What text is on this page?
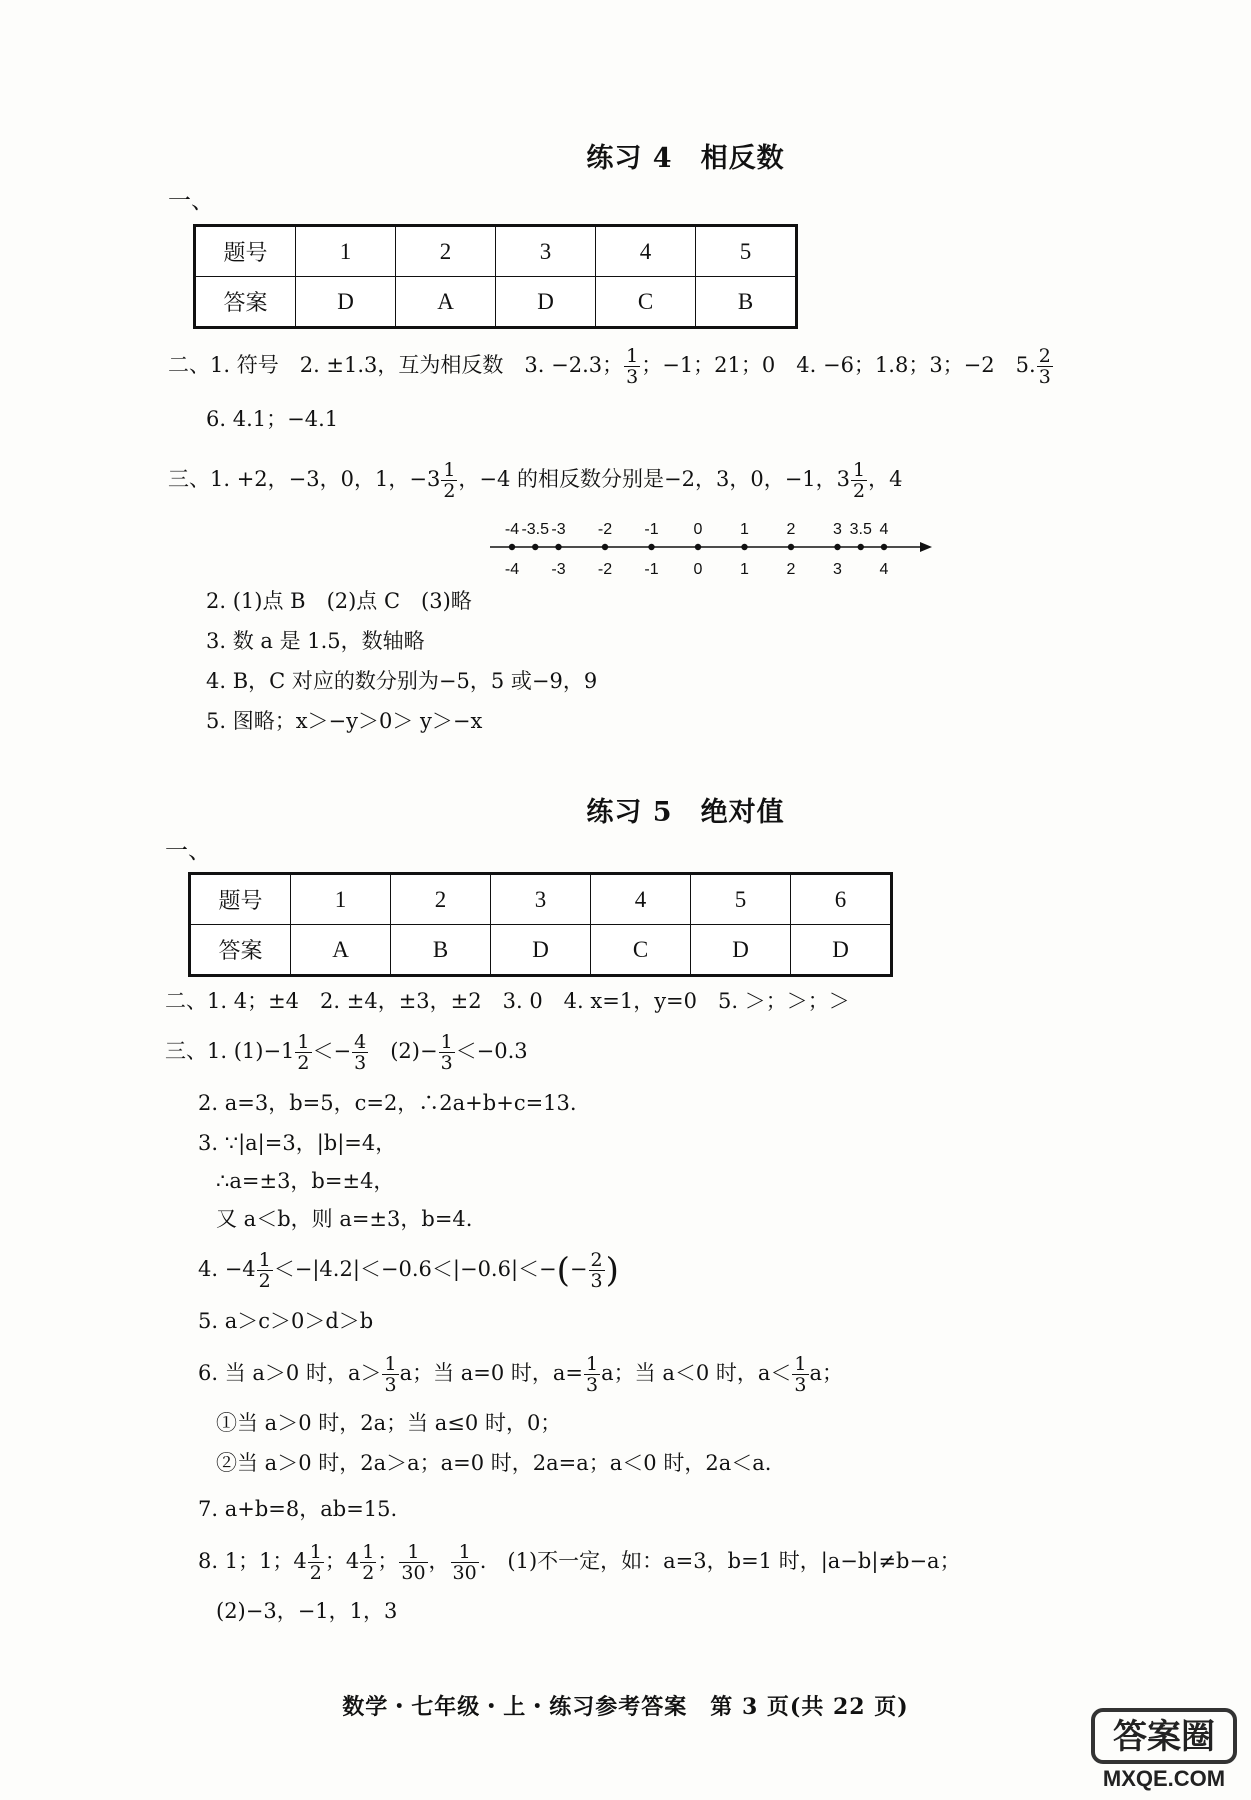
练习 4　相反数
一、
题号	1	2	3	4	5
答案	D	A	D	C	B
二、1. 符号　2. ±1.3，互为相反数　3. −2.3； $\frac{1}{3}$ ；−1；21；0　4. −6；1.8；3；−2　5. $\frac{2}{3}$
6. 4.1；−4.1
三、1. +2，−3，0，1，$-3 \frac{1}{2}$ ，−4 的相反数分别是−2，3，0，−1，$3 \frac{1}{2}$ ，4
-4 -3.5 -3 -2 -1 0 1 2 3 3.5 4
-4 -3 -2 -1 0 1 2 3 4
2. (1)点 B　(2)点 C　(3)略
3. 数 a 是 1.5，数轴略
4. B，C 对应的数分别为−5，5 或−9，9
5. 图略；x＞−y＞0＞ y＞−x
练习 5　绝对值
一、
题号	1	2	3	4	5	6
答案	A	B	D	C	D	D
二、1. 4；±4　2. ±4，±3，±2　3. 0　4. x=1，y=0　5. ＞；＞；＞
三、1. $(1)-1 \frac{1}{2} <- \frac{4}{3}$ 　$(2)- \frac{1}{3} <-0.3$
2. a=3，b=5，c=2，∴2a+b+c=13.
3. ∵|a|=3，|b|=4，
∴a=±3，b=±4，
又 a＜b，则 a=±3，b=4.
4. $-4 \frac{1}{2} <-|4.2|<-0.6<|-0.6|<-(- \frac{2}{3}$ )
5. a＞c＞0＞d＞b
6. 当 a＞0 时，$a> \frac{1}{3}$ a；当 a=0 时，$a= \frac{1}{3}$ a；当 a＜0 时，$a< \frac{1}{3}$ a；
①当 a＞0 时，2a；当 a≤0 时，0；
②当 a＞0 时，2a＞a；a=0 时，2a=a；a＜0 时，2a＜a.
7. a+b=8，ab=15.
8. 1；1；$4 \frac{1}{2}$ ；$4 \frac{1}{2}$ ； $\frac{1}{30}$ ， $\frac{1}{30}$ .　(1)不一定，如：a=3，b=1 时，|a−b|≠b−a；
(2)−3，−1，1，3
数学・七年级・上・练习参考答案　第 3 页(共 22 页)
答案圈
MXQE.COM
